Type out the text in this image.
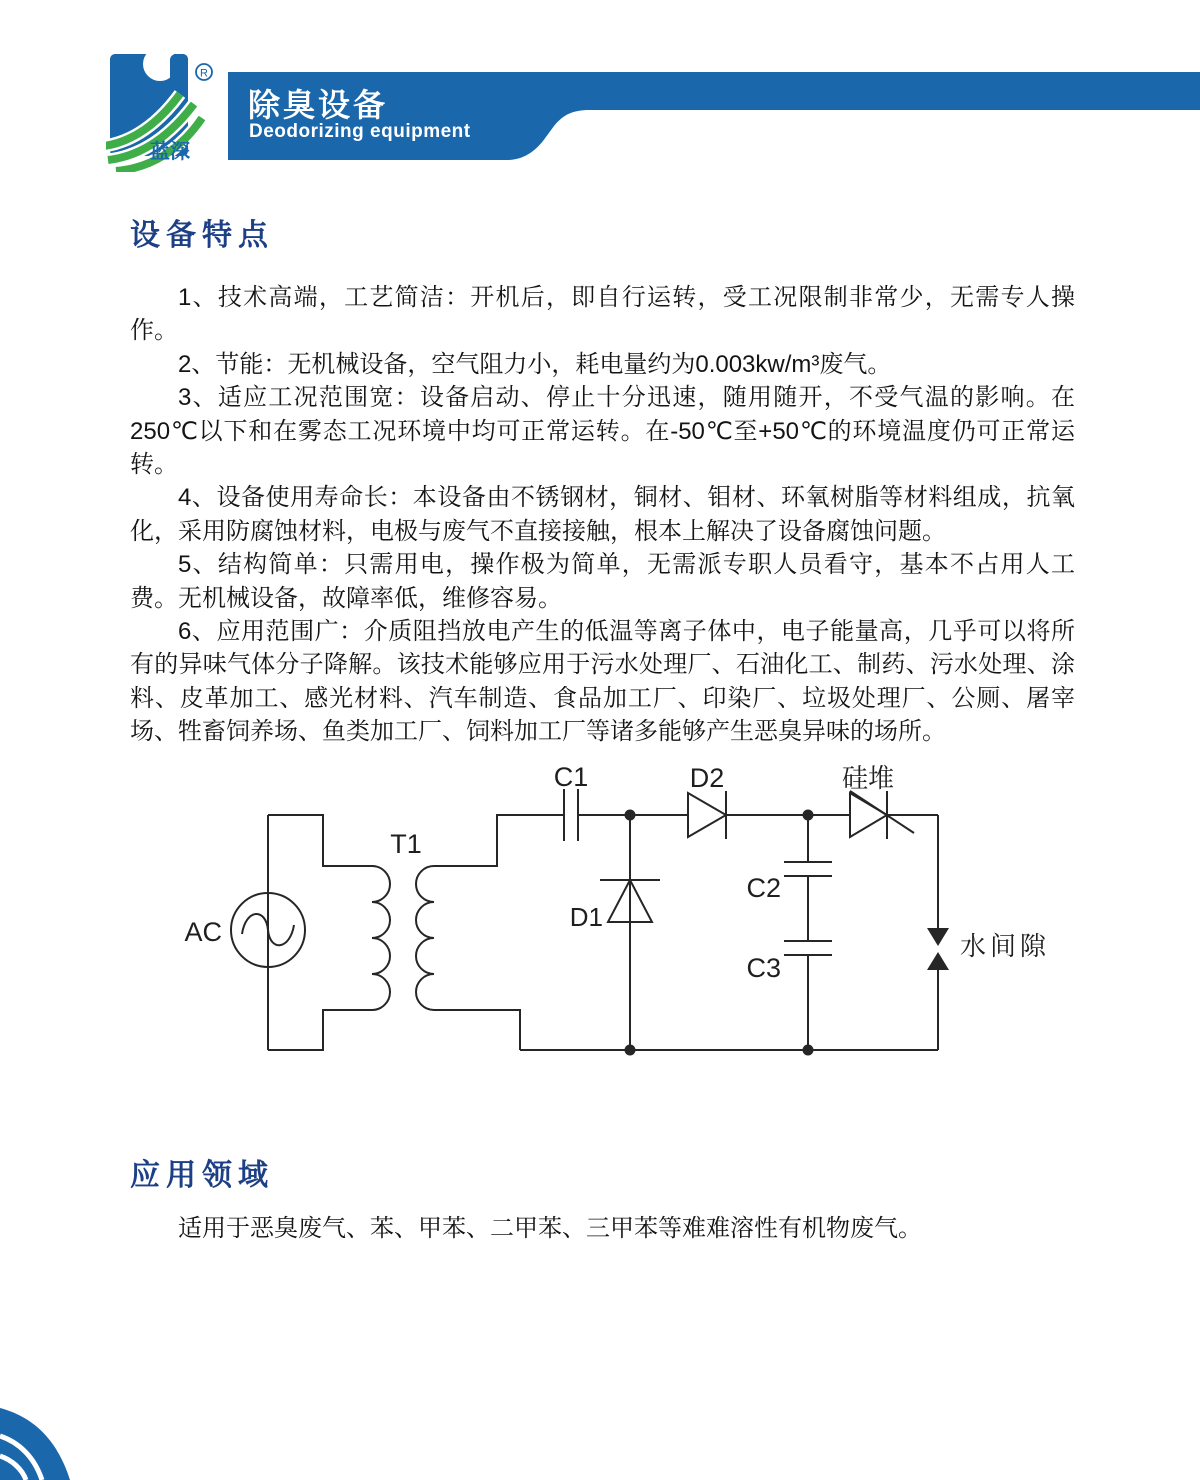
R
蓝深
除臭设备
Deodorizing equipment
设备特点

1、技术高端，工艺简洁：开机后，即自行运转，受工况限制非常少，无需专人操作。

2、节能：无机械设备，空气阻力小，耗电量约为0.003kw/m³废气。

3、适应工况范围宽：设备启动、停止十分迅速，随用随开，不受气温的影响。在250℃以下和在雾态工况环境中均可正常运转。在-50℃至+50℃的环境温度仍可正常运转。

4、设备使用寿命长：本设备由不锈钢材，铜材、钼材、环氧树脂等材料组成，抗氧化，采用防腐蚀材料，电极与废气不直接接触，根本上解决了设备腐蚀问题。

5、结构简单：只需用电，操作极为简单，无需派专职人员看守，基本不占用人工费。无机械设备，故障率低，维修容易。

6、应用范围广：介质阻挡放电产生的低温等离子体中，电子能量高，几乎可以将所有的异味气体分子降解。该技术能够应用于污水处理厂、石油化工、制药、污水处理、涂料、皮革加工、感光材料、汽车制造、食品加工厂、印染厂、垃圾处理厂、公厕、屠宰场、牲畜饲养场、鱼类加工厂、饲料加工厂等诸多能够产生恶臭异味的场所。

T1
AC
C1
D1
D2
C2
C3
硅堆
水间隙
应用领域
适用于恶臭废气、苯、甲苯、二甲苯、三甲苯等难难溶性有机物废气。
